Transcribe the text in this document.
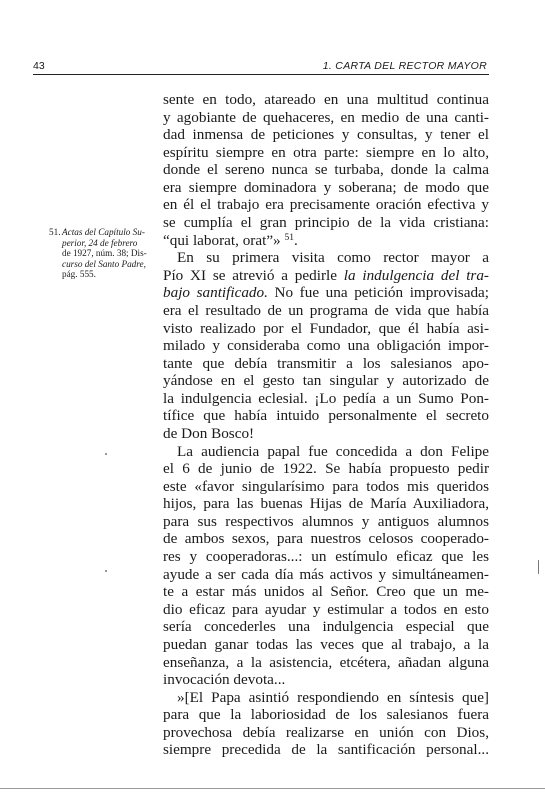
43	1. CARTA DEL RECTOR MAYOR
51. Actas del Capítulo Su-
perior, 24 de febrero
de 1927, núm. 38; Dis-
curso del Santo Padre,
pág. 555.
sente en todo, atareado en una multitud continua
y agobiante de quehaceres, en medio de una canti-
dad inmensa de peticiones y consultas, y tener el
espíritu siempre en otra parte: siempre en lo alto,
donde el sereno nunca se turbaba, donde la calma
era siempre dominadora y soberana; de modo que
en él el trabajo era precisamente oración efectiva y
se cumplía el gran principio de la vida cristiana:
“qui laborat, orat”» $^{51}$.
En su primera visita como rector mayor a
Pío XI se atrevió a pedirle la indulgencia del tra-
bajo santificado. No fue una petición improvisada;
era el resultado de un programa de vida que había
visto realizado por el Fundador, que él había asi-
milado y consideraba como una obligación impor-
tante que debía transmitir a los salesianos apo-
yándose en el gesto tan singular y autorizado de
la indulgencia eclesial. ¡Lo pedía a un Sumo Pon-
tífice que había intuido personalmente el secreto
de Don Bosco!
La audiencia papal fue concedida a don Felipe
el 6 de junio de 1922. Se había propuesto pedir
este «favor singularísimo para todos mis queridos
hijos, para las buenas Hijas de María Auxiliadora,
para sus respectivos alumnos y antiguos alumnos
de ambos sexos, para nuestros celosos cooperado-
res y cooperadoras...: un estímulo eficaz que les
ayude a ser cada día más activos y simultáneamen-
te a estar más unidos al Señor. Creo que un me-
dio eficaz para ayudar y estimular a todos en esto
sería concederles una indulgencia especial que
puedan ganar todas las veces que al trabajo, a la
enseñanza, a la asistencia, etcétera, añadan alguna
invocación devota...
»[El Papa asintió respondiendo en síntesis que]
para que la laboriosidad de los salesianos fuera
provechosa debía realizarse en unión con Dios,
siempre precedida de la santificación personal...
